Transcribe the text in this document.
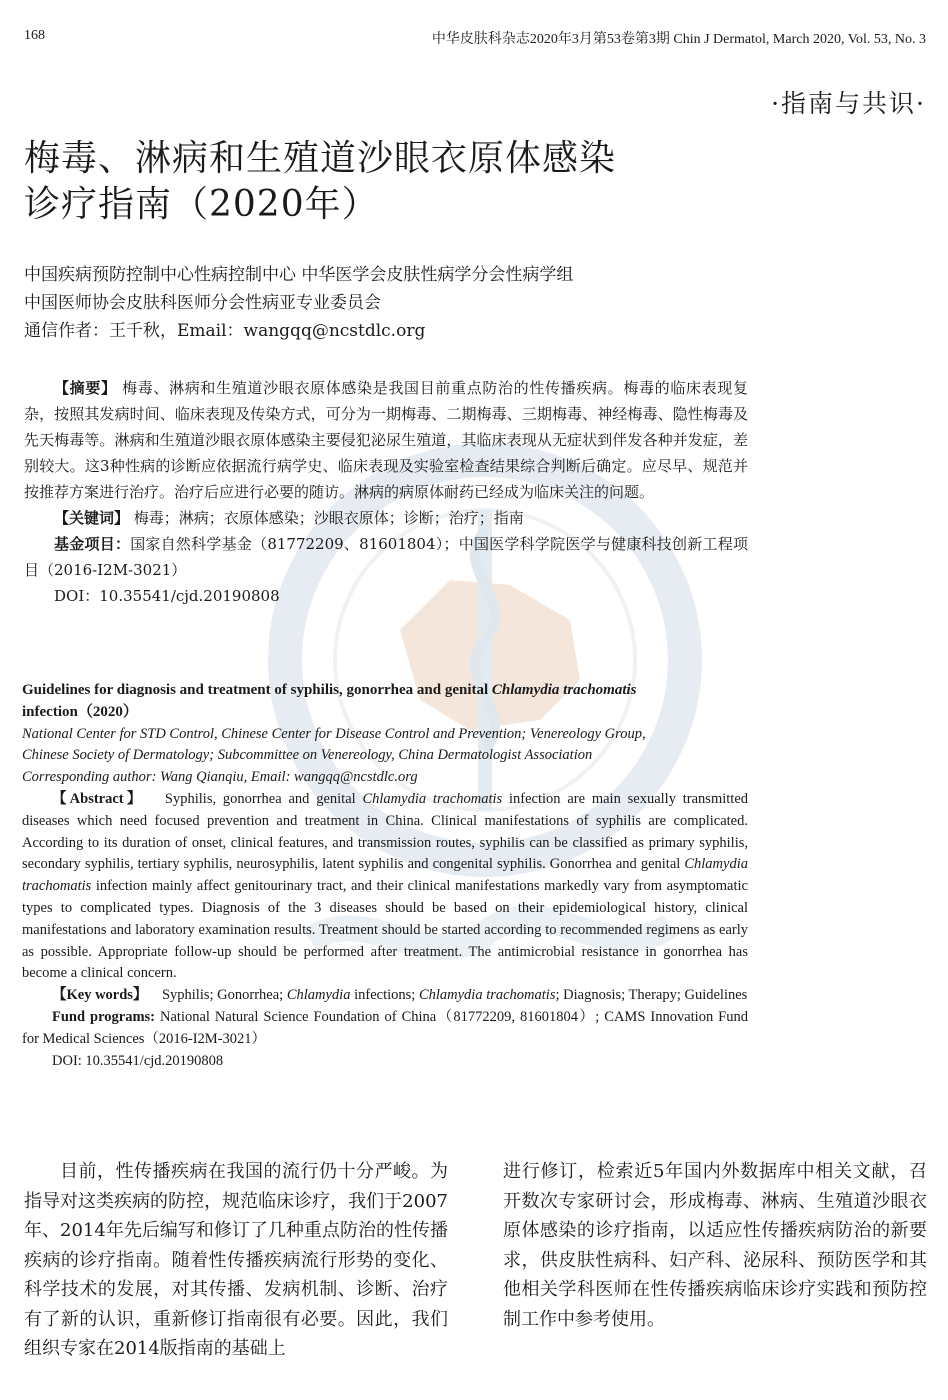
168	中华皮肤科杂志2020年3月第53卷第3期 Chin J Dermatol, March 2020, Vol. 53, No. 3
·指南与共识·
梅毒、淋病和生殖道沙眼衣原体感染
诊疗指南（2020年）
中国疾病预防控制中心性病控制中心 中华医学会皮肤性病学分会性病学组
中国医师协会皮肤科医师分会性病亚专业委员会
通信作者：王千秋，Email：wangqq@ncstdlc.org

【摘要】 梅毒、淋病和生殖道沙眼衣原体感染是我国目前重点防治的性传播疾病。梅毒的临床表现复杂，按照其发病时间、临床表现及传染方式，可分为一期梅毒、二期梅毒、三期梅毒、神经梅毒、隐性梅毒及先天梅毒等。淋病和生殖道沙眼衣原体感染主要侵犯泌尿生殖道，其临床表现从无症状到伴发各种并发症，差别较大。这3种性病的诊断应依据流行病学史、临床表现及实验室检查结果综合判断后确定。应尽早、规范并按推荐方案进行治疗。治疗后应进行必要的随访。淋病的病原体耐药已经成为临床关注的问题。

【关键词】 梅毒；淋病；衣原体感染；沙眼衣原体；诊断；治疗；指南

基金项目：国家自然科学基金（81772209、81601804）；中国医学科学院医学与健康科技创新工程项目（2016-I2M-3021）

DOI：10.35541/cjd.20190808

Guidelines for diagnosis and treatment of syphilis, gonorrhea and genital Chlamydia trachomatis
infection（2020）

National Center for STD Control, Chinese Center for Disease Control and Prevention; Venereology Group,

Chinese Society of Dermatology; Subcommittee on Venereology, China Dermatologist Association

Corresponding author: Wang Qianqiu, Email: wangqq@ncstdlc.org

【Abstract】 Syphilis, gonorrhea and genital Chlamydia trachomatis infection are main sexually transmitted diseases which need focused prevention and treatment in China. Clinical manifestations of syphilis are complicated. According to its duration of onset, clinical features, and transmission routes, syphilis can be classified as primary syphilis, secondary syphilis, tertiary syphilis, neurosyphilis, latent syphilis and congenital syphilis. Gonorrhea and genital Chlamydia trachomatis infection mainly affect genitourinary tract, and their clinical manifestations markedly vary from asymptomatic types to complicated types. Diagnosis of the 3 diseases should be based on their epidemiological history, clinical manifestations and laboratory examination results. Treatment should be started according to recommended regimens as early as possible. Appropriate follow-up should be performed after treatment. The antimicrobial resistance in gonorrhea has become a clinical concern.

【Key words】 Syphilis; Gonorrhea; Chlamydia infections; Chlamydia trachomatis; Diagnosis; Therapy; Guidelines

Fund programs: National Natural Science Foundation of China（81772209, 81601804）; CAMS Innovation Fund for Medical Sciences（2016-I2M-3021）

DOI: 10.35541/cjd.20190808

目前，性传播疾病在我国的流行仍十分严峻。为指导对这类疾病的防控，规范临床诊疗，我们于2007年、2014年先后编写和修订了几种重点防治的性传播疾病的诊疗指南。随着性传播疾病流行形势的变化、科学技术的发展，对其传播、发病机制、诊断、治疗有了新的认识，重新修订指南很有必要。因此，我们组织专家在2014版指南的基础上

进行修订，检索近5年国内外数据库中相关文献，召开数次专家研讨会，形成梅毒、淋病、生殖道沙眼衣原体感染的诊疗指南，以适应性传播疾病防治的新要求，供皮肤性病科、妇产科、泌尿科、预防医学和其他相关学科医师在性传播疾病临床诊疗实践和预防控制工作中参考使用。
